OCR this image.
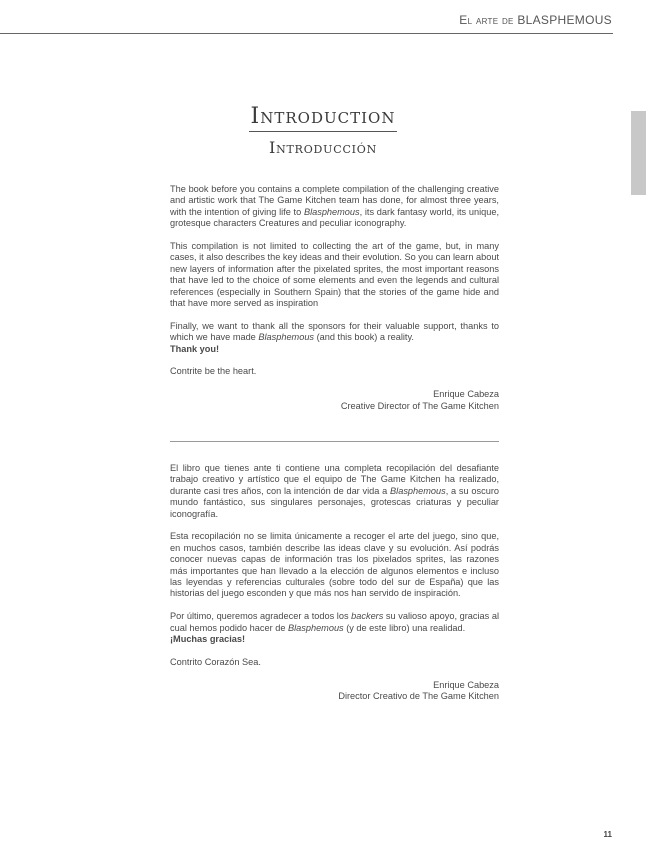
El arte de BLASPHEMOUS
Introduction
Introducción

The book before you contains a complete compilation of the challenging creative and artistic work that The Game Kitchen team has done, for almost three years, with the intention of giving life to Blasphemous, its dark fantasy world, its unique, grotesque characters Creatures and peculiar iconography.

This compilation is not limited to collecting the art of the game, but, in many cases, it also describes the key ideas and their evolution. So you can learn about new layers of information after the pixelated sprites, the most important reasons that have led to the choice of some elements and even the legends and cultural references (especially in Southern Spain) that the stories of the game hide and that have more served as inspiration

Finally, we want to thank all the sponsors for their valuable support, thanks to which we have made Blasphemous (and this book) a reality.

Thank you!

Contrite be the heart.

Enrique Cabeza
Creative Director of The Game Kitchen

El libro que tienes ante ti contiene una completa recopilación del desafiante trabajo creativo y artístico que el equipo de The Game Kitchen ha realizado, durante casi tres años, con la intención de dar vida a Blasphemous, a su oscuro mundo fantástico, sus singulares personajes, grotescas criaturas y peculiar iconografía.

Esta recopilación no se limita únicamente a recoger el arte del juego, sino que, en muchos casos, también describe las ideas clave y su evolución. Así podrás conocer nuevas capas de información tras los pixelados sprites, las razones más importantes que han llevado a la elección de algunos elementos e incluso las leyendas y referencias culturales (sobre todo del sur de España) que las historias del juego esconden y que más nos han servido de inspiración.

Por último, queremos agradecer a todos los backers su valioso apoyo, gracias al cual hemos podido hacer de Blasphemous (y de este libro) una realidad.

¡Muchas gracias!

Contrito Corazón Sea.

Enrique Cabeza
Director Creativo de The Game Kitchen
11
